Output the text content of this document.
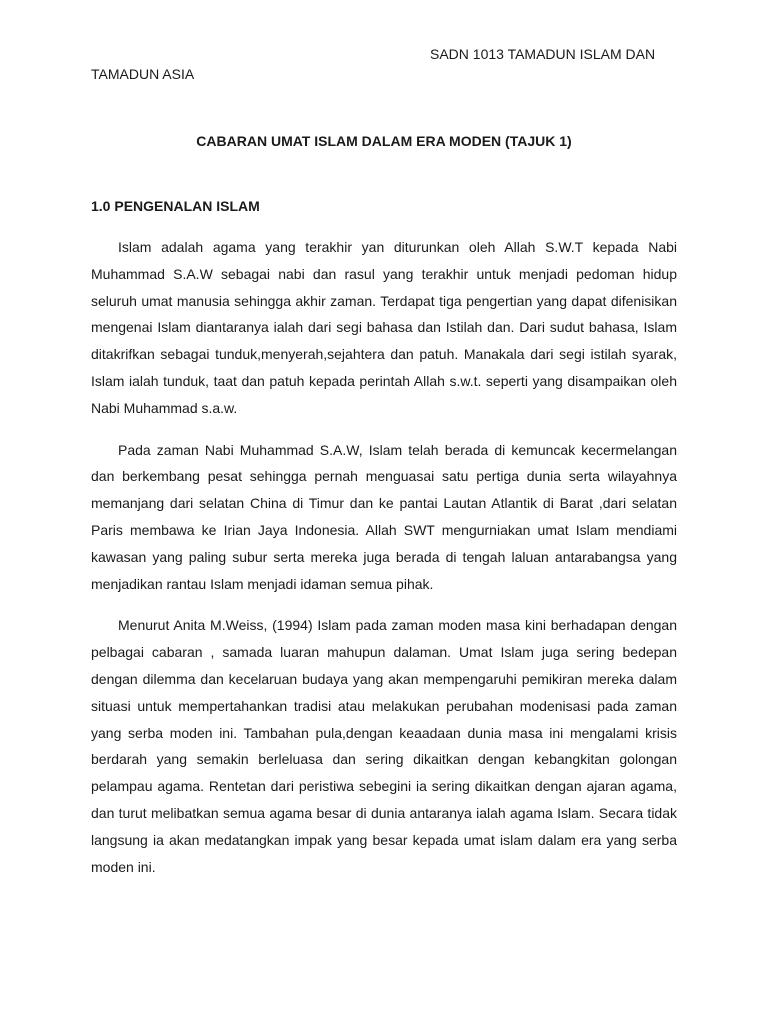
SADN 1013 TAMADUN ISLAM DAN
TAMADUN ASIA
CABARAN UMAT ISLAM DALAM ERA MODEN (TAJUK 1)
1.0 PENGENALAN ISLAM

Islam adalah agama yang terakhir yan diturunkan oleh Allah S.W.T kepada Nabi Muhammad S.A.W sebagai nabi dan rasul yang terakhir untuk menjadi pedoman hidup seluruh umat manusia sehingga akhir zaman. Terdapat tiga pengertian yang dapat difenisikan mengenai Islam diantaranya ialah dari segi bahasa dan Istilah dan. Dari sudut bahasa, Islam ditakrifkan sebagai tunduk,menyerah,sejahtera dan patuh. Manakala dari segi istilah syarak, Islam ialah tunduk, taat dan patuh kepada perintah Allah s.w.t. seperti yang disampaikan oleh Nabi Muhammad s.a.w.

Pada zaman Nabi Muhammad S.A.W, Islam telah berada di kemuncak kecermelangan dan berkembang pesat sehingga pernah menguasai satu pertiga dunia serta wilayahnya memanjang dari selatan China di Timur dan ke pantai Lautan Atlantik di Barat ,dari selatan Paris membawa ke Irian Jaya Indonesia. Allah SWT mengurniakan umat Islam mendiami kawasan yang paling subur serta mereka juga berada di tengah laluan antarabangsa yang menjadikan rantau Islam menjadi idaman semua pihak.

Menurut Anita M.Weiss, (1994) Islam pada zaman moden masa kini berhadapan dengan pelbagai cabaran , samada luaran mahupun dalaman. Umat Islam juga sering bedepan dengan dilemma dan kecelaruan budaya yang akan mempengaruhi pemikiran mereka dalam situasi untuk mempertahankan tradisi atau melakukan perubahan modenisasi pada zaman yang serba moden ini. Tambahan pula,dengan keaadaan dunia masa ini mengalami krisis berdarah yang semakin berleluasa dan sering dikaitkan dengan kebangkitan golongan pelampau agama. Rentetan dari peristiwa sebegini ia sering dikaitkan dengan ajaran agama, dan turut melibatkan semua agama besar di dunia antaranya ialah agama Islam. Secara tidak langsung ia akan medatangkan impak yang besar kepada umat islam dalam era yang serba moden ini.
